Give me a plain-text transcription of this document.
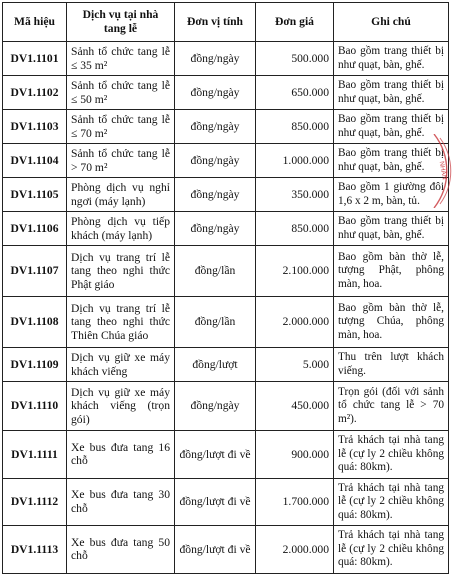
Mã hiệu	Dịch vụ tại nhà tang lễ	Đơn vị tính	Đơn giá	Ghi chú
DV1.1101	Sảnh tổ chức tang lễ ≤ 35 m²	đồng/ngày	500.000	Bao gồm trang thiết bị như quạt, bàn, ghế.
DV1.1102	Sảnh tổ chức tang lễ ≤ 50 m²	đồng/ngày	650.000	Bao gồm trang thiết bị như quạt, bàn, ghế.
DV1.1103	Sảnh tổ chức tang lễ ≤ 70 m²	đồng/ngày	850.000	Bao gồm trang thiết bị như quạt, bàn, ghế.
DV1.1104	Sảnh tổ chức tang lễ > 70 m²	đồng/ngày	1.000.000	Bao gồm trang thiết bị như quạt, bàn, ghế.
DV1.1105	Phòng dịch vụ nghỉ ngơi (máy lạnh)	đồng/ngày	350.000	Bao gồm 1 giường đôi 1,6 x 2 m, bàn, tủ.
DV1.1106	Phòng dịch vụ tiếp khách (máy lạnh)	đồng/ngày	850.000	Bao gồm trang thiết bị như quạt, bàn, ghế.
DV1.1107	Dịch vụ trang trí lễ tang theo nghi thức Phật giáo	đồng/lần	2.100.000	Bao gồm bàn thờ lễ, tượng Phật, phông màn, hoa.
DV1.1108	Dịch vụ trang trí lễ tang theo nghi thức Thiên Chúa giáo	đồng/lần	2.000.000	Bao gồm bàn thờ lễ, tượng Chúa, phông màn, hoa.
DV1.1109	Dịch vụ giữ xe máy khách viếng	đồng/lượt	5.000	Thu trên lượt khách viếng.
DV1.1110	Dịch vụ giữ xe máy khách viếng (trọn gói)	đồng/ngày	450.000	Trọn gói (đối với sảnh tổ chức tang lễ > 70 m²).
DV1.1111	Xe bus đưa tang 16 chỗ	đồng/lượt đi về	900.000	Trả khách tại nhà tang lễ (cự ly 2 chiều không quá: 80km).
DV1.1112	Xe bus đưa tang 30 chỗ	đồng/lượt đi về	1.700.000	Trả khách tại nhà tang lễ (cự ly 2 chiều không quá: 80km).
DV1.1113	Xe bus đưa tang 50 chỗ	đồng/lượt đi về	2.000.000	Trả khách tại nhà tang lễ (cự ly 2 chiều không quá: 80km).
NHÂN
